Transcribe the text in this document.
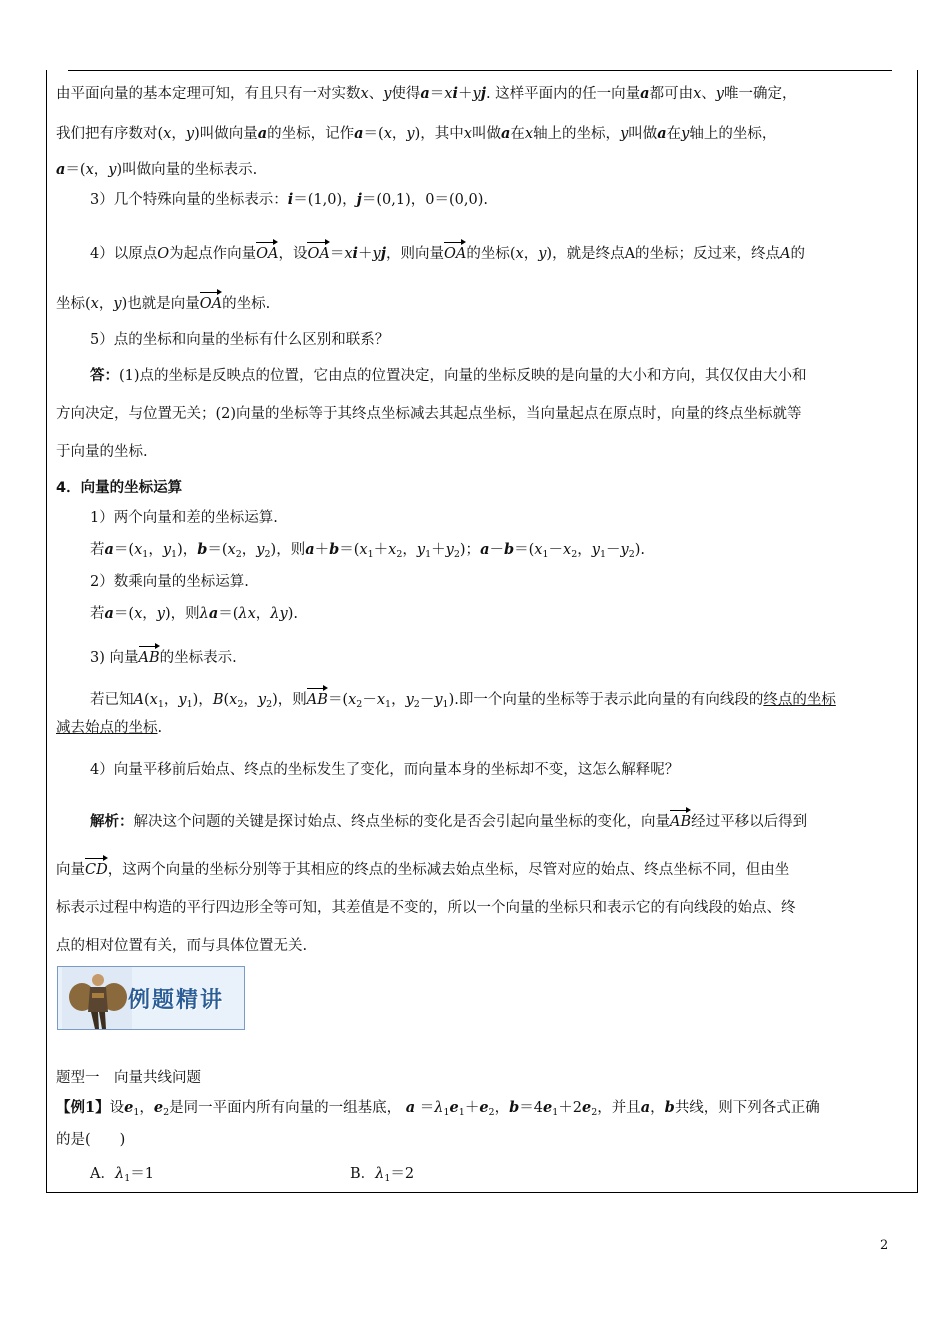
由平面向量的基本定理可知，有且只有一对实数x、y使得a＝xi＋yj. 这样平面内的任一向量a都可由x、y唯一确定，
我们把有序数对(x，y)叫做向量a的坐标，记作a＝(x，y)，其中x叫做a在x轴上的坐标，y叫做a在y轴上的坐标，
a＝(x，y)叫做向量的坐标表示.
3）几个特殊向量的坐标表示：i＝(1,0)，j＝(0,1)，0＝(0,0).
4）以原点O为起点作向量OA，设OA＝xi＋yj，则向量OA的坐标(x，y)，就是终点A的坐标；反过来，终点A的
坐标(x，y)也就是向量OA的坐标.
5）点的坐标和向量的坐标有什么区别和联系？
答：(1)点的坐标是反映点的位置，它由点的位置决定，向量的坐标反映的是向量的大小和方向，其仅仅由大小和
方向决定，与位置无关；(2)向量的坐标等于其终点坐标减去其起点坐标，当向量起点在原点时，向量的终点坐标就等
于向量的坐标.
4．向量的坐标运算
1）两个向量和差的坐标运算.
若$a=(x_1$，$y_1$)，$b=(x_2$，$y_2$)，则$a+b=(x_1+x_2$，$y_1+y_2$)；$a-b=(x_1-x_2$，$y_1-y_2$).
2）数乘向量的坐标运算.
若a＝(x，y)，则λa＝(λx，λy).
3) 向量AB的坐标表示.
若已知$A(x_1$，$y_1$)，$B(x_2$，$y_2$)，则$AB=(x_2-x_1$，$y_2-y_1$).即一个向量的坐标等于表示此向量的有向线段的终点的坐标
减去始点的坐标.
4）向量平移前后始点、终点的坐标发生了变化，而向量本身的坐标却不变，这怎么解释呢？
解析：解决这个问题的关键是探讨始点、终点坐标的变化是否会引起向量坐标的变化，向量AB经过平移以后得到
向量CD，这两个向量的坐标分别等于其相应的终点的坐标减去始点坐标，尽管对应的始点、终点坐标不同，但由坐
标表示过程中构造的平行四边形全等可知，其差值是不变的，所以一个向量的坐标只和表示它的有向线段的始点、终
点的相对位置有关，而与具体位置无关.
例题精讲
题型一　向量共线问题
【例1】设$e_1$，$e_2$是同一平面内所有向量的一组基底， $a =\lambda_1e_1+e_2$，$b=4e_1+2e_2$，并且a，b共线，则下列各式正确
的是(　　)
A．$\lambda_1=1$	B．$\lambda_1=2$
2
